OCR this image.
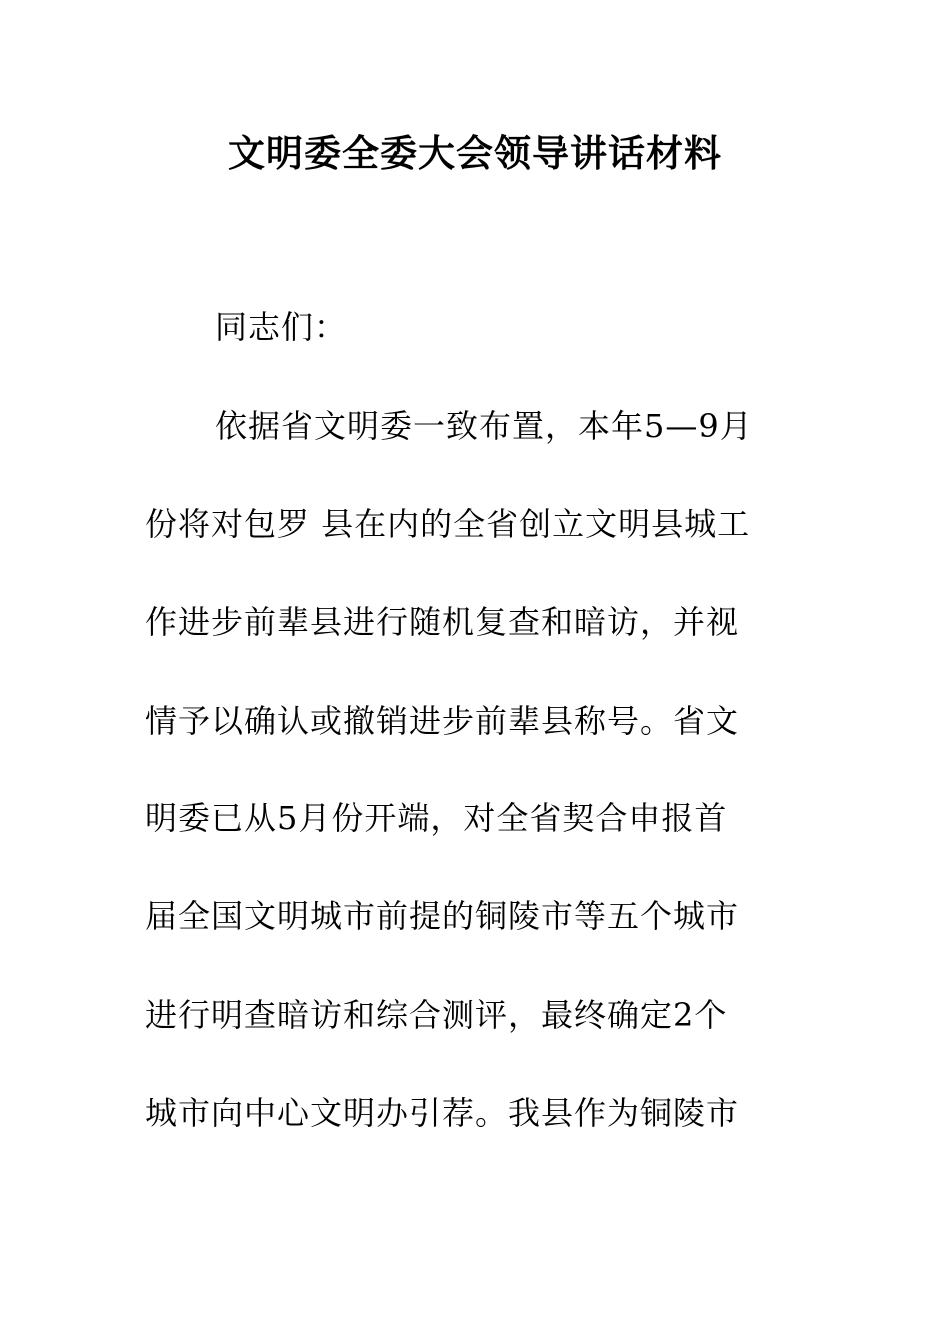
文明委全委大会领导讲话材料
同志们：
依据省文明委一致布置，本年5—9月
份将对包罗 县在内的全省创立文明县城工
作进步前辈县进行随机复查和暗访，并视
情予以确认或撤销进步前辈县称号。省文
明委已从5月份开端，对全省契合申报首
届全国文明城市前提的铜陵市等五个城市
进行明查暗访和综合测评，最终确定2个
城市向中心文明办引荐。我县作为铜陵市
